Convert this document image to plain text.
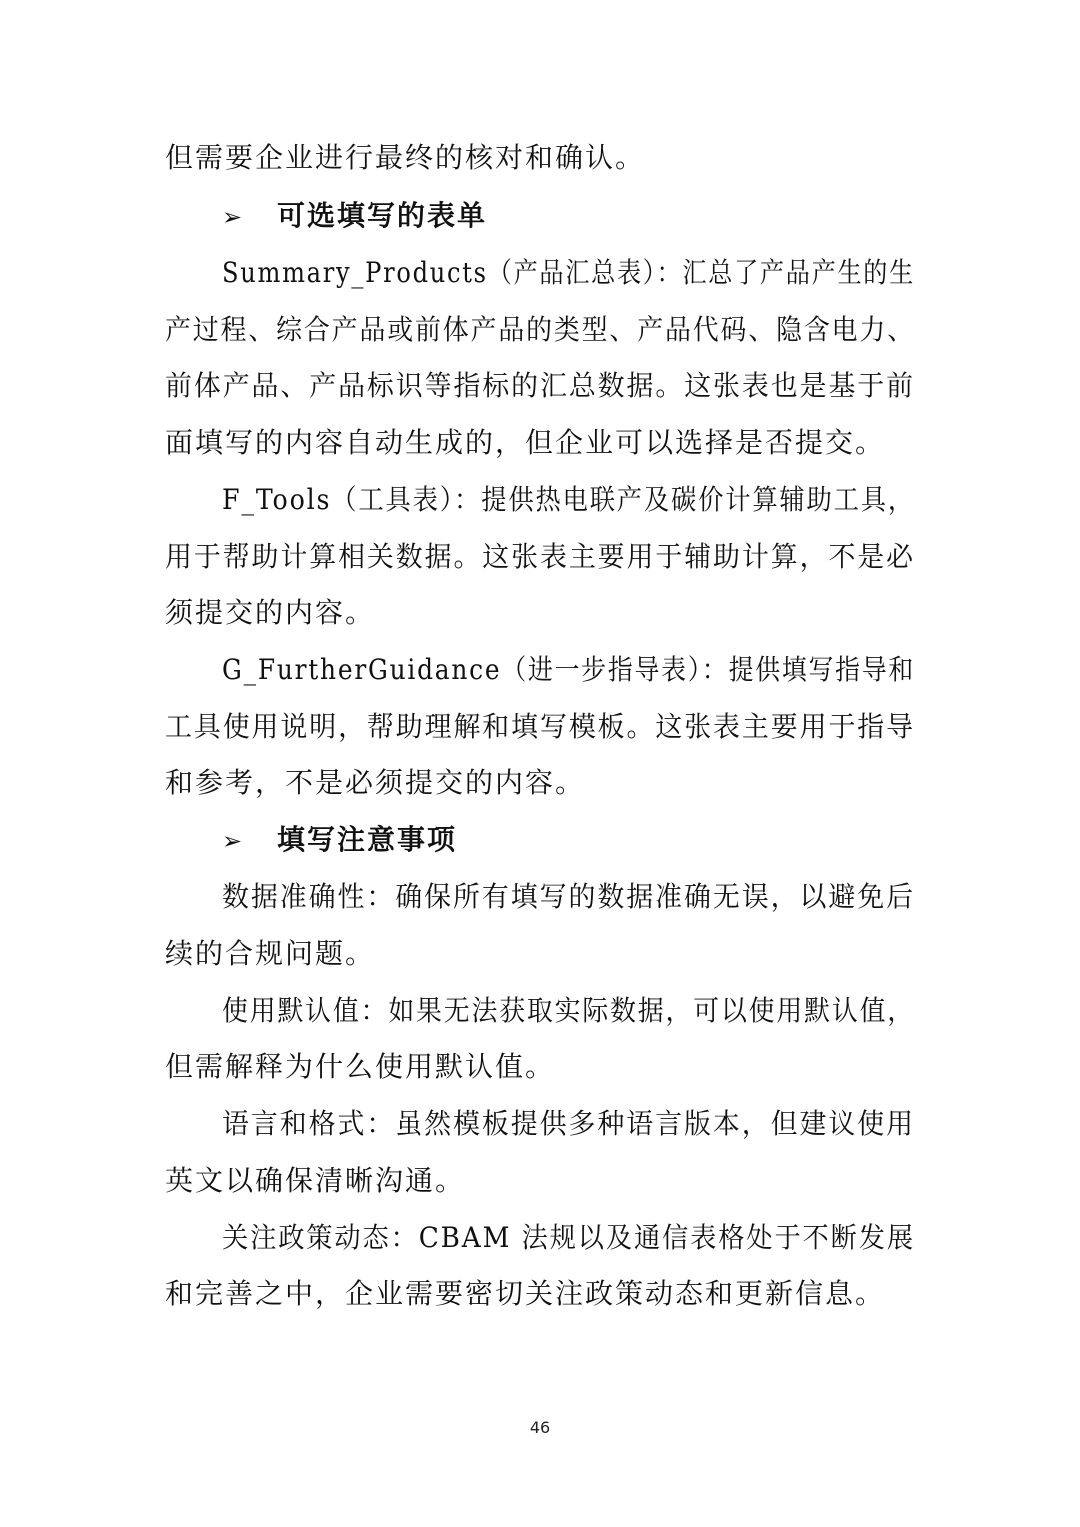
但需要企业进行最终的核对和确认。
➢ 可选填写的表单
Summary_Products（产品汇总表）：汇总了产品产生的生
产过程、综合产品或前体产品的类型、产品代码、隐含电力、
前体产品、产品标识等指标的汇总数据。这张表也是基于前
面填写的内容自动生成的，但企业可以选择是否提交。
F_Tools（工具表）：提供热电联产及碳价计算辅助工具，
用于帮助计算相关数据。这张表主要用于辅助计算，不是必
须提交的内容。
G_FurtherGuidance（进一步指导表）：提供填写指导和
工具使用说明，帮助理解和填写模板。这张表主要用于指导
和参考，不是必须提交的内容。
➢ 填写注意事项
数据准确性：确保所有填写的数据准确无误，以避免后
续的合规问题。
使用默认值：如果无法获取实际数据，可以使用默认值，
但需解释为什么使用默认值。
语言和格式：虽然模板提供多种语言版本，但建议使用
英文以确保清晰沟通。
关注政策动态：CBAM 法规以及通信表格处于不断发展
和完善之中，企业需要密切关注政策动态和更新信息。
46
